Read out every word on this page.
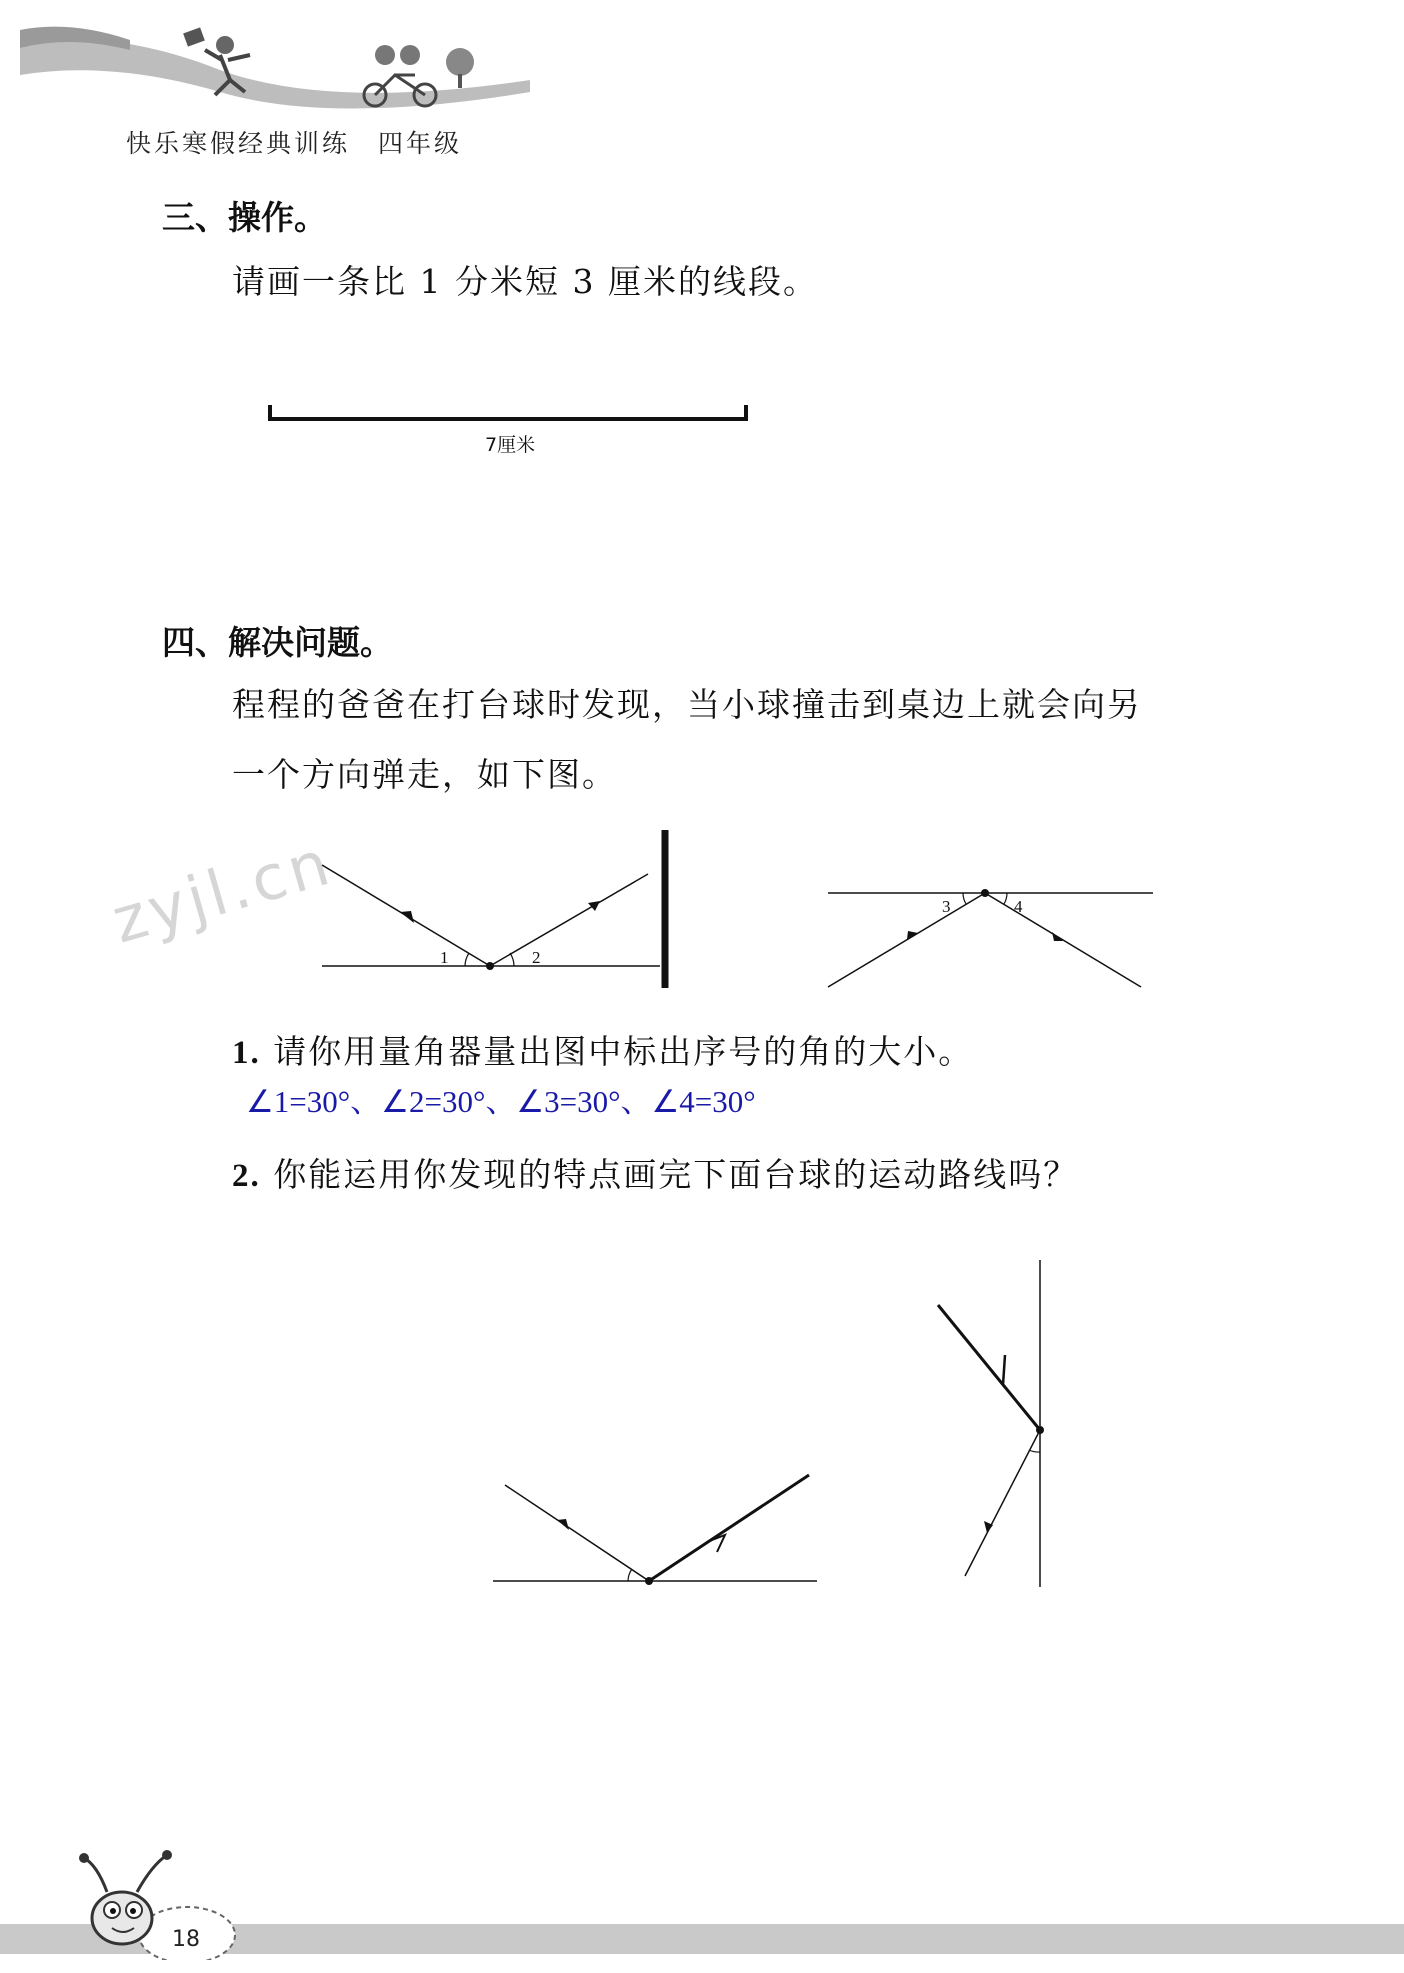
快乐寒假经典训练　四年级
三、操作。
请画一条比 1 分米短 3 厘米的线段。
7厘米
四、解决问题。
程程的爸爸在打台球时发现，当小球撞击到桌边上就会向另
一个方向弹走，如下图。
zyjl.cn	1	2
3	4
1. 请你用量角器量出图中标出序号的角的大小。
∠1=30°、∠2=30°、∠3=30°、∠4=30°
2. 你能运用你发现的特点画完下面台球的运动路线吗？
18
